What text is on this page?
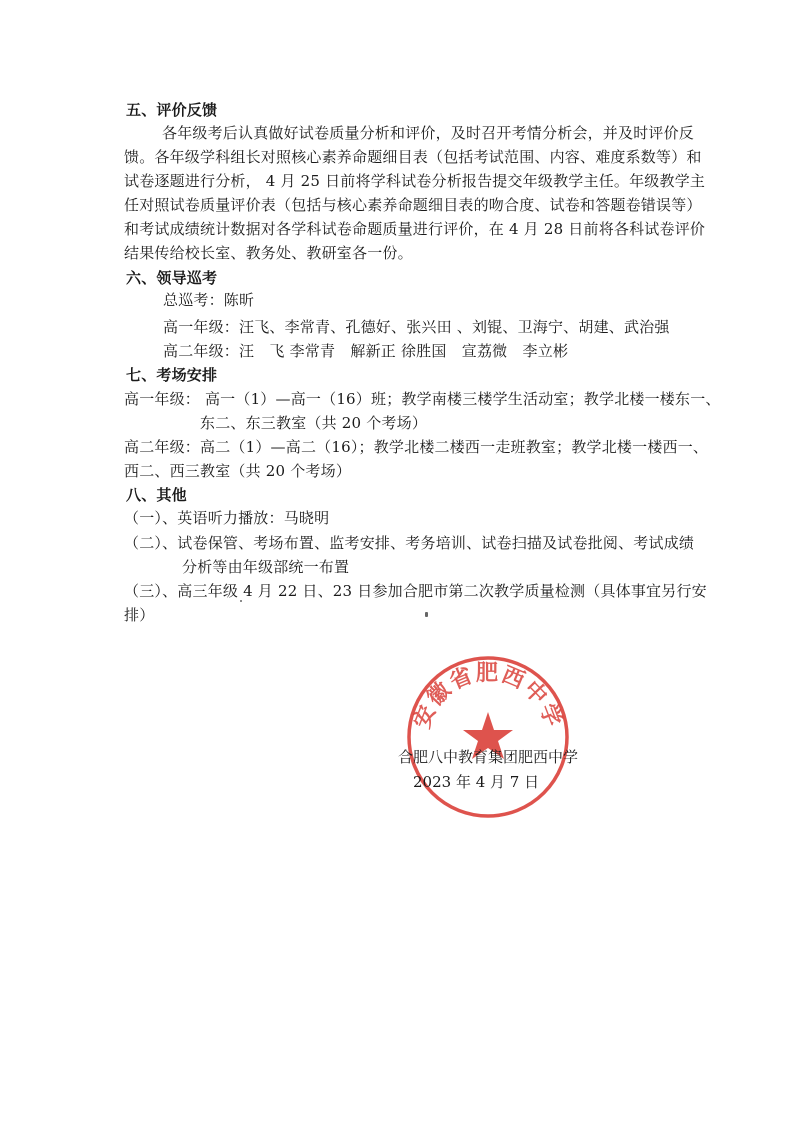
五、评价反馈
各年级考后认真做好试卷质量分析和评价，及时召开考情分析会，并及时评价反
馈。各年级学科组长对照核心素养命题细目表（包括考试范围、内容、难度系数等）和
试卷逐题进行分析， 4 月 25 日前将学科试卷分析报告提交年级教学主任。年级教学主
任对照试卷质量评价表（包括与核心素养命题细目表的吻合度、试卷和答题卷错误等）
和考试成绩统计数据对各学科试卷命题质量进行评价，在 4 月 28 日前将各科试卷评价
结果传给校长室、教务处、教研室各一份。
六、领导巡考
总巡考：陈昕
高一年级：汪飞、李常青、孔德好、张兴田 、刘锟、卫海宁、胡建、武治强
高二年级：汪　飞 李常青　解新正 徐胜国　宣荔微　李立彬
七、考场安排
高一年级： 高一（1）—高一（16）班；教学南楼三楼学生活动室；教学北楼一楼东一、
东二、东三教室（共 20 个考场）
高二年级：高二（1）—高二（16）；教学北楼二楼西一走班教室；教学北楼一楼西一、
西二、西三教室（共 20 个考场）
八、其他
（一）、英语听力播放：马晓明
（二）、试卷保管、考场布置、监考安排、考务培训、试卷扫描及试卷批阅、考试成绩
分析等由年级部统一布置
（三）、高三年级 4 月 22 日、23 日参加合肥市第二次教学质量检测（具体事宜另行安
排）
安徽省肥西中学
合肥八中教育集团肥西中学
2023 年 4 月 7 日
